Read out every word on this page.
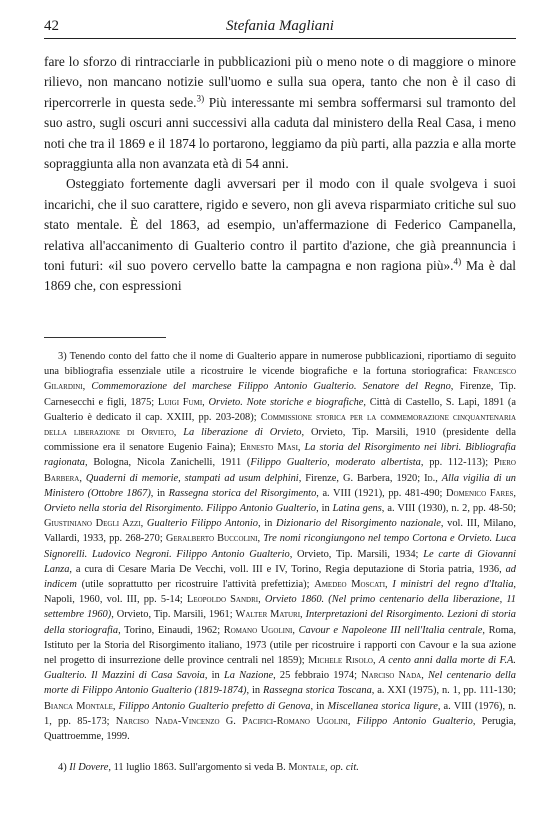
42	Stefania Magliani

fare lo sforzo di rintracciarle in pubblicazioni più o meno note o di maggiore o minore rilievo, non mancano notizie sull'uomo e sulla sua opera, tanto che non è il caso di ripercorrerle in questa sede.$^{3)}$ Più interessante mi sembra soffermarsi sul tramonto del suo astro, sugli oscuri anni successivi alla caduta dal ministero della Real Casa, i meno noti che tra il 1869 e il 1874 lo portarono, leggiamo da più parti, alla pazzia e alla morte sopraggiunta alla non avanzata età di 54 anni.

Osteggiato fortemente dagli avversari per il modo con il quale svolgeva i suoi incarichi, che il suo carattere, rigido e severo, non gli aveva risparmiato critiche sul suo stato mentale. È del 1863, ad esempio, un'affermazione di Federico Campanella, relativa all'accanimento di Gualterio contro il partito d'azione, che già preannuncia i toni futuri: «il suo povero cervello batte la campagna e non ragiona più».$^{4)}$ Ma è dal 1869 che, con espressioni

3) Tenendo conto del fatto che il nome di Gualterio appare in numerose pubblicazioni, riportiamo di seguito una bibliografia essenziale utile a ricostruire le vicende biografiche e la fortuna storiografica: Francesco Gilardini, Commemorazione del marchese Filippo Antonio Gualterio. Senatore del Regno, Firenze, Tip. Carnesecchi e figli, 1875; Luigi Fumi, Orvieto. Note storiche e biografiche, Città di Castello, S. Lapi, 1891 (a Gualterio è dedicato il cap. XXIII, pp. 203-208); Commissione storica per la commemorazione cinquantenaria della liberazione di Orvieto, La liberazione di Orvieto, Orvieto, Tip. Marsili, 1910 (presidente della commissione era il senatore Eugenio Faina); Ernesto Masi, La storia del Risorgimento nei libri. Bibliografia ragionata, Bologna, Nicola Zanichelli, 1911 (Filippo Gualterio, moderato albertista, pp. 112-113); Piero Barbera, Quaderni di memorie, stampati ad usum delphini, Firenze, G. Barbera, 1920; Id., Alla vigilia di un Ministero (Ottobre 1867), in Rassegna storica del Risorgimento, a. VIII (1921), pp. 481-490; Domenico Fares, Orvieto nella storia del Risorgimento. Filippo Antonio Gualterio, in Latina gens, a. VIII (1930), n. 2, pp. 48-50; Giustiniano Degli Azzi, Gualterio Filippo Antonio, in Dizionario del Risorgimento nazionale, vol. III, Milano, Vallardi, 1933, pp. 268-270; Geralberto Buccolini, Tre nomi ricongiungono nel tempo Cortona e Orvieto. Luca Signorelli. Ludovico Negroni. Filippo Antonio Gualterio, Orvieto, Tip. Marsili, 1934; Le carte di Giovanni Lanza, a cura di Cesare Maria De Vecchi, voll. III e IV, Torino, Regia deputazione di Storia patria, 1936, ad indicem (utile soprattutto per ricostruire l'attività prefettizia); Amedeo Moscati, I ministri del regno d'Italia, Napoli, 1960, vol. III, pp. 5-14; Leopoldo Sandri, Orvieto 1860. (Nel primo centenario della liberazione, 11 settembre 1960), Orvieto, Tip. Marsili, 1961; Walter Maturi, Interpretazioni del Risorgimento. Lezioni di storia della storiografia, Torino, Einaudi, 1962; Romano Ugolini, Cavour e Napoleone III nell'Italia centrale, Roma, Istituto per la Storia del Risorgimento italiano, 1973 (utile per ricostruire i rapporti con Cavour e la sua azione nel progetto di insurrezione delle province centrali nel 1859); Michele Risolo, A cento anni dalla morte di F.A. Gualterio. Il Mazzini di Casa Savoia, in La Nazione, 25 febbraio 1974; Narciso Nada, Nel centenario della morte di Filippo Antonio Gualterio (1819-1874), in Rassegna storica Toscana, a. XXI (1975), n. 1, pp. 111-130; Bianca Montale, Filippo Antonio Gualterio prefetto di Genova, in Miscellanea storica ligure, a. VIII (1976), n. 1, pp. 85-173; Narciso Nada-Vincenzo G. Pacifici-Romano Ugolini, Filippo Antonio Gualterio, Perugia, Quattroemme, 1999.

4) Il Dovere, 11 luglio 1863. Sull'argomento si veda B. Montale, op. cit.
